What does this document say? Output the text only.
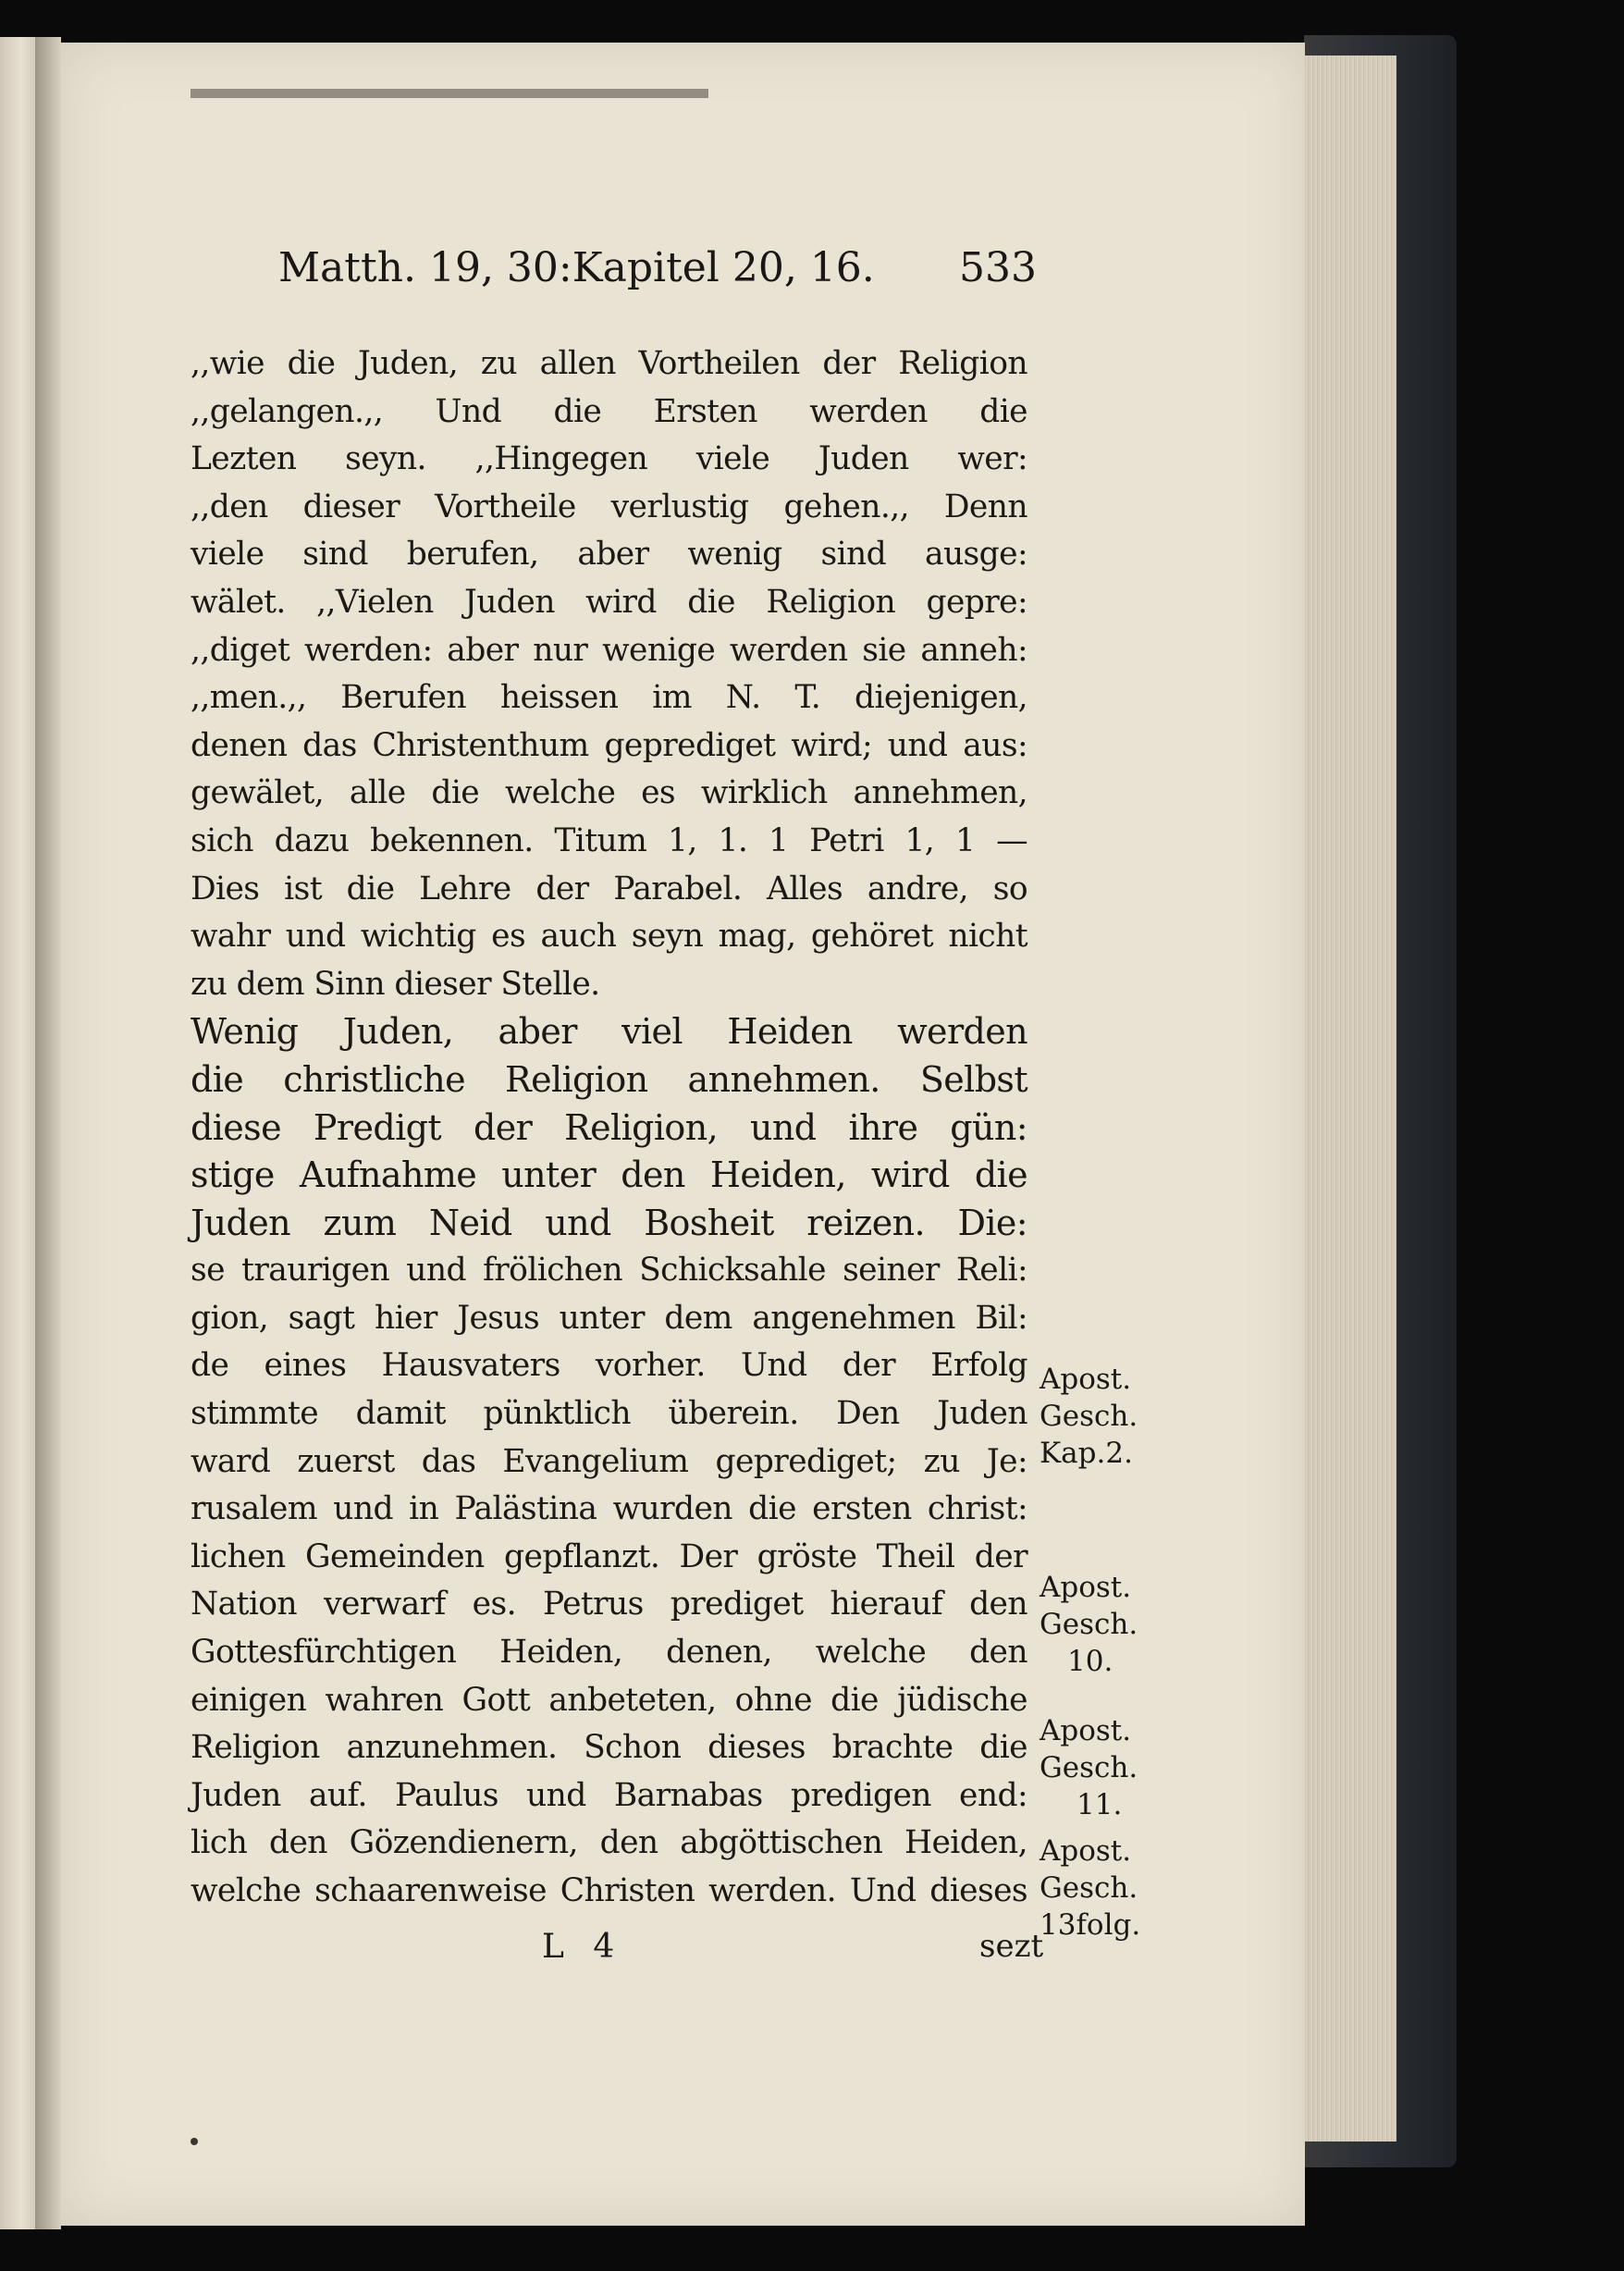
Matth. 19, 30:Kapitel 20, 16. 533
,,wie die Juden, zu allen Vortheilen der Religion
,,gelangen.,, Und die Ersten werden die
Lezten seyn. ,,Hingegen viele Juden wer:
,,den dieser Vortheile verlustig gehen.,, Denn
viele sind berufen, aber wenig sind ausge:
wälet. ,,Vielen Juden wird die Religion gepre:
,,diget werden: aber nur wenige werden sie anneh:
,,men.,, Berufen heissen im N. T. diejenigen,
denen das Christenthum geprediget wird; und aus:
gewälet, alle die welche es wirklich annehmen,
sich dazu bekennen. Titum 1, 1. 1 Petri 1, 1 —
Dies ist die Lehre der Parabel. Alles andre, so
wahr und wichtig es auch seyn mag, gehöret nicht
zu dem Sinn dieser Stelle.
Wenig Juden, aber viel Heiden werden
die christliche Religion annehmen. Selbst
diese Predigt der Religion, und ihre gün:
stige Aufnahme unter den Heiden, wird die
Juden zum Neid und Bosheit reizen. Die:
se traurigen und frölichen Schicksahle seiner Reli:
gion, sagt hier Jesus unter dem angenehmen Bil:
de eines Hausvaters vorher. Und der Erfolg
stimmte damit pünktlich überein. Den Juden
ward zuerst das Evangelium geprediget; zu Je:
rusalem und in Palästina wurden die ersten christ:
lichen Gemeinden gepflanzt. Der gröste Theil der
Nation verwarf es. Petrus prediget hierauf den
Gottesfürchtigen Heiden, denen, welche den
einigen wahren Gott anbeteten, ohne die jüdische
Religion anzunehmen. Schon dieses brachte die
Juden auf. Paulus und Barnabas predigen end:
lich den Gözendienern, den abgöttischen Heiden,
welche schaarenweise Christen werden. Und dieses
Apost.
Gesch.
Kap.2.
Apost.
Gesch.
10.
Apost.
Gesch.
11.
Apost.
Gesch.
13folg.
L 4	sezt
